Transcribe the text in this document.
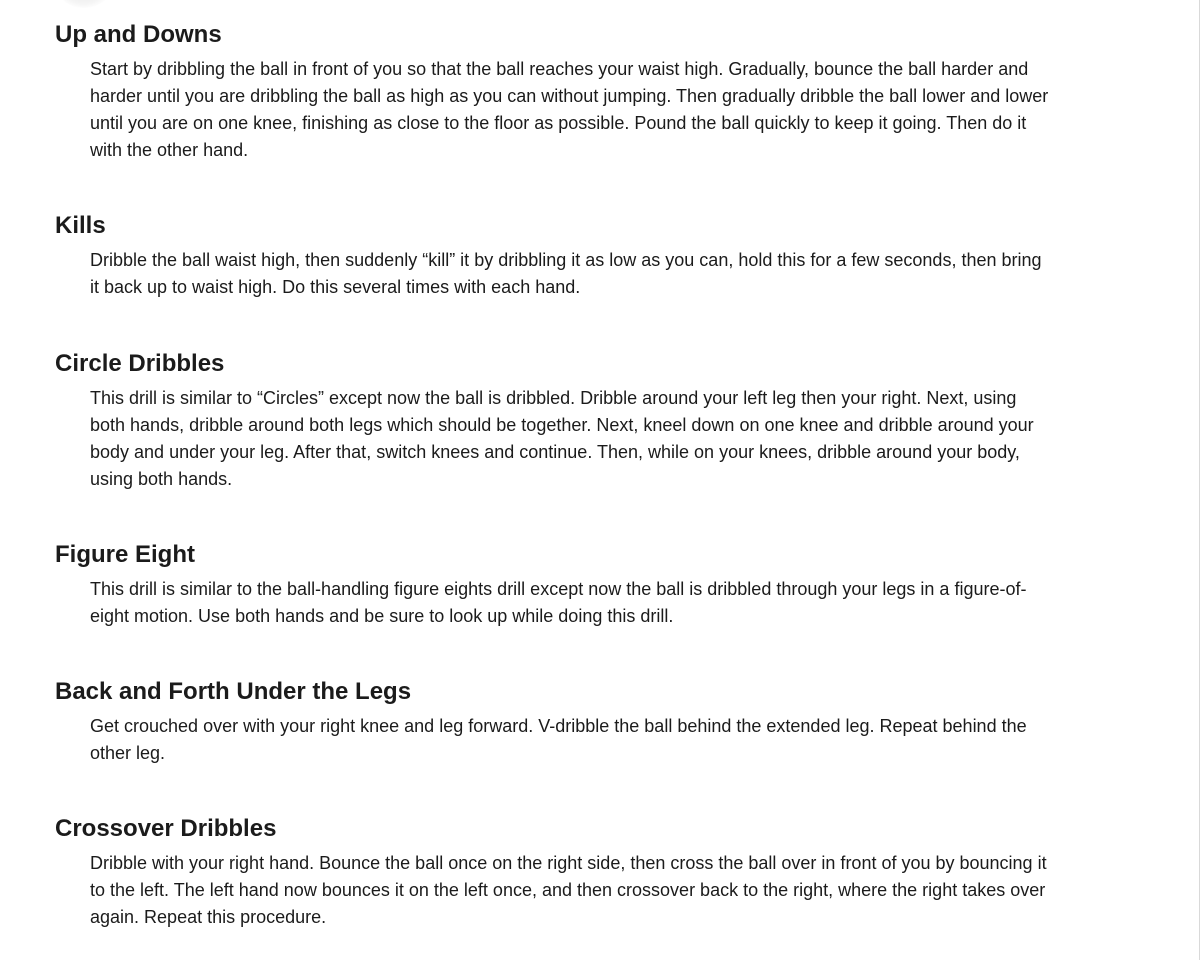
Up and Downs

Start by dribbling the ball in front of you so that the ball reaches your waist high. Gradually, bounce the ball harder and
harder until you are dribbling the ball as high as you can without jumping. Then gradually dribble the ball lower and lower
until you are on one knee, finishing as close to the floor as possible. Pound the ball quickly to keep it going. Then do it
with the other hand.

Kills

Dribble the ball waist high, then suddenly “kill” it by dribbling it as low as you can, hold this for a few seconds, then bring
it back up to waist high. Do this several times with each hand.

Circle Dribbles

This drill is similar to “Circles” except now the ball is dribbled. Dribble around your left leg then your right. Next, using
both hands, dribble around both legs which should be together. Next, kneel down on one knee and dribble around your
body and under your leg. After that, switch knees and continue. Then, while on your knees, dribble around your body,
using both hands.

Figure Eight

This drill is similar to the ball-handling figure eights drill except now the ball is dribbled through your legs in a figure-of-
eight motion. Use both hands and be sure to look up while doing this drill.

Back and Forth Under the Legs

Get crouched over with your right knee and leg forward. V-dribble the ball behind the extended leg. Repeat behind the
other leg.

Crossover Dribbles

Dribble with your right hand. Bounce the ball once on the right side, then cross the ball over in front of you by bouncing it
to the left. The left hand now bounces it on the left once, and then crossover back to the right, where the right takes over
again. Repeat this procedure.
